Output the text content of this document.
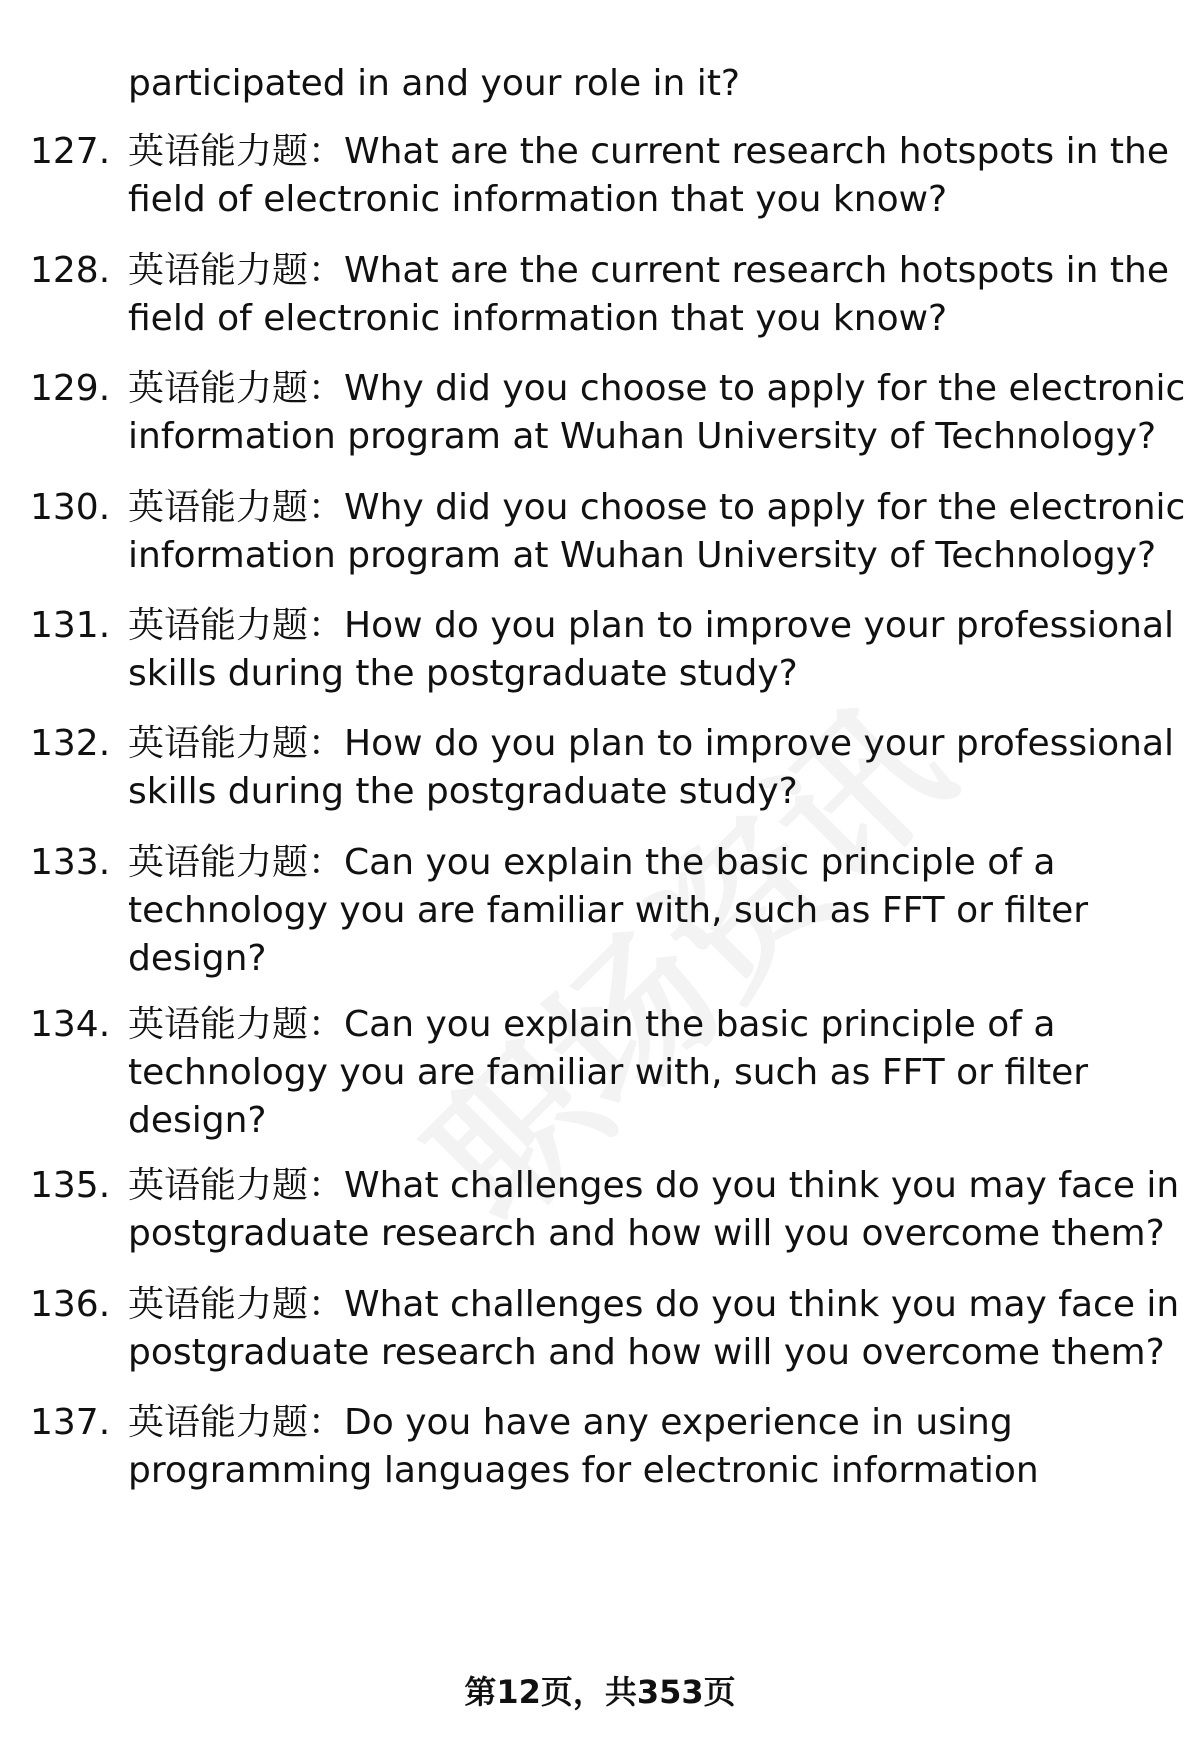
participated in and your role in it?
127. 英语能力题：What are the current research hotspots in the
field of electronic information that you know?
128. 英语能力题：What are the current research hotspots in the
field of electronic information that you know?
129. 英语能力题：Why did you choose to apply for the electronic
information program at Wuhan University of Technology?
130. 英语能力题：Why did you choose to apply for the electronic
information program at Wuhan University of Technology?
131. 英语能力题：How do you plan to improve your professional
skills during the postgraduate study?
132. 英语能力题：How do you plan to improve your professional
skills during the postgraduate study?
133. 英语能力题：Can you explain the basic principle of a
technology you are familiar with, such as FFT or filter
design?
134. 英语能力题：Can you explain the basic principle of a
technology you are familiar with, such as FFT or filter
design?
135. 英语能力题：What challenges do you think you may face in
postgraduate research and how will you overcome them?
136. 英语能力题：What challenges do you think you may face in
postgraduate research and how will you overcome them?
137. 英语能力题：Do you have any experience in using
programming languages for electronic information
第12页，共353页
